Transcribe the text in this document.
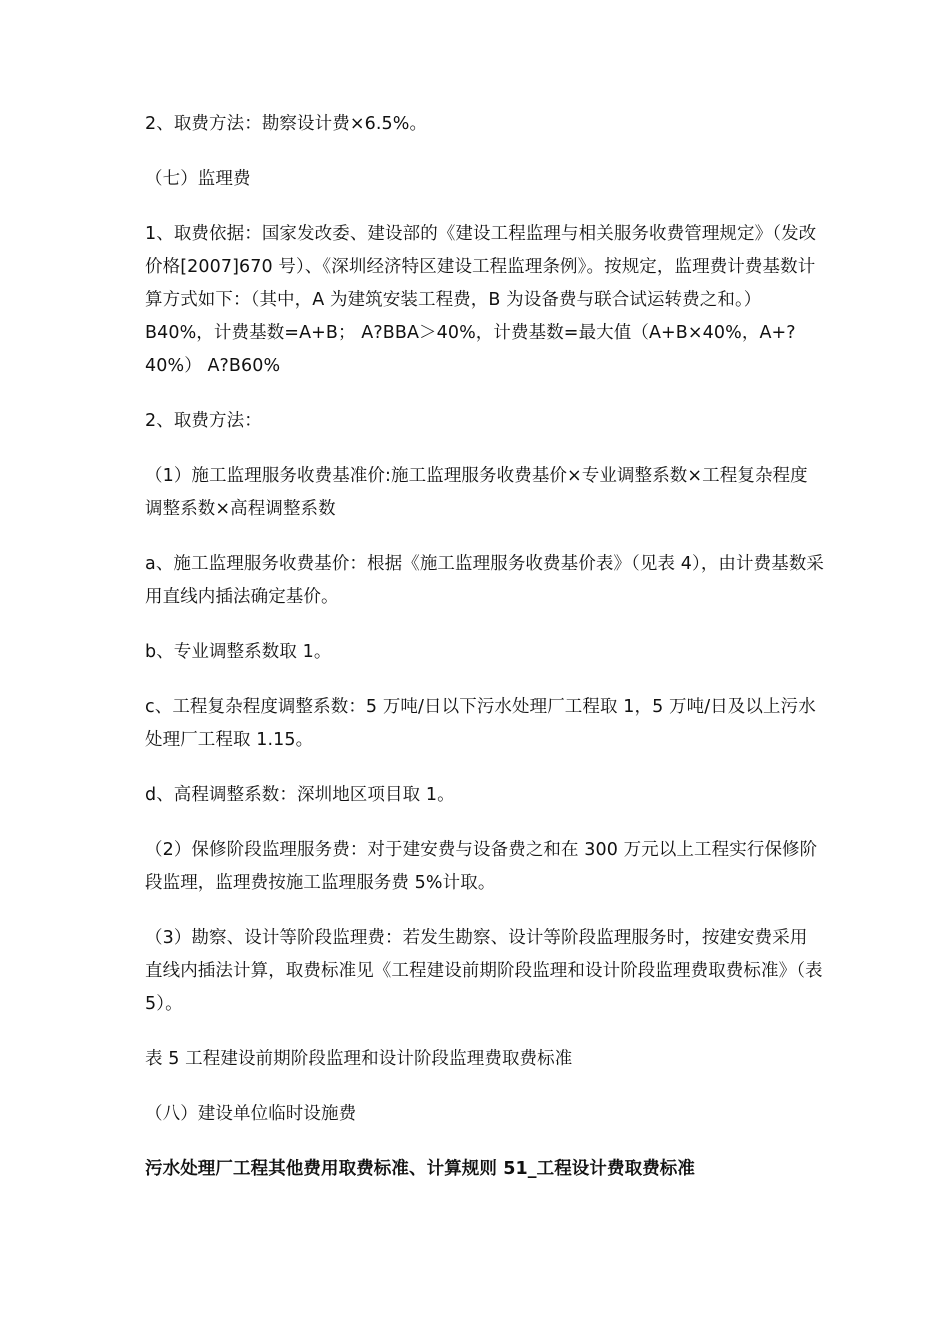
2、取费方法：勘察设计费×6.5%。

（七）监理费

1、取费依据：国家发改委、建设部的《建设工程监理与相关服务收费管理规定》（发改价格[2007]670 号）、《深圳经济特区建设工程监理条例》。按规定，监理费计费基数计算方式如下：（其中，A 为建筑安装工程费，B 为设备费与联合试运转费之和。）B40%，计费基数=A+B； A?BBA＞40%，计费基数=最大值（A+B×40%，A+?40%） A?B60%

2、取费方法：

（1）施工监理服务收费基准价:施工监理服务收费基价×专业调整系数×工程复杂程度调整系数×高程调整系数

a、施工监理服务收费基价：根据《施工监理服务收费基价表》（见表 4），由计费基数采用直线内插法确定基价。

b、专业调整系数取 1。

c、工程复杂程度调整系数：5 万吨/日以下污水处理厂工程取 1，5 万吨/日及以上污水处理厂工程取 1.15。

d、高程调整系数：深圳地区项目取 1。

（2）保修阶段监理服务费：对于建安费与设备费之和在 300 万元以上工程实行保修阶段监理，监理费按施工监理服务费 5%计取。

（3）勘察、设计等阶段监理费：若发生勘察、设计等阶段监理服务时，按建安费采用直线内插法计算，取费标准见《工程建设前期阶段监理和设计阶段监理费取费标准》（表 5）。

表 5 工程建设前期阶段监理和设计阶段监理费取费标准

（八）建设单位临时设施费

污水处理厂工程其他费用取费标准、计算规则 51_工程设计费取费标准
